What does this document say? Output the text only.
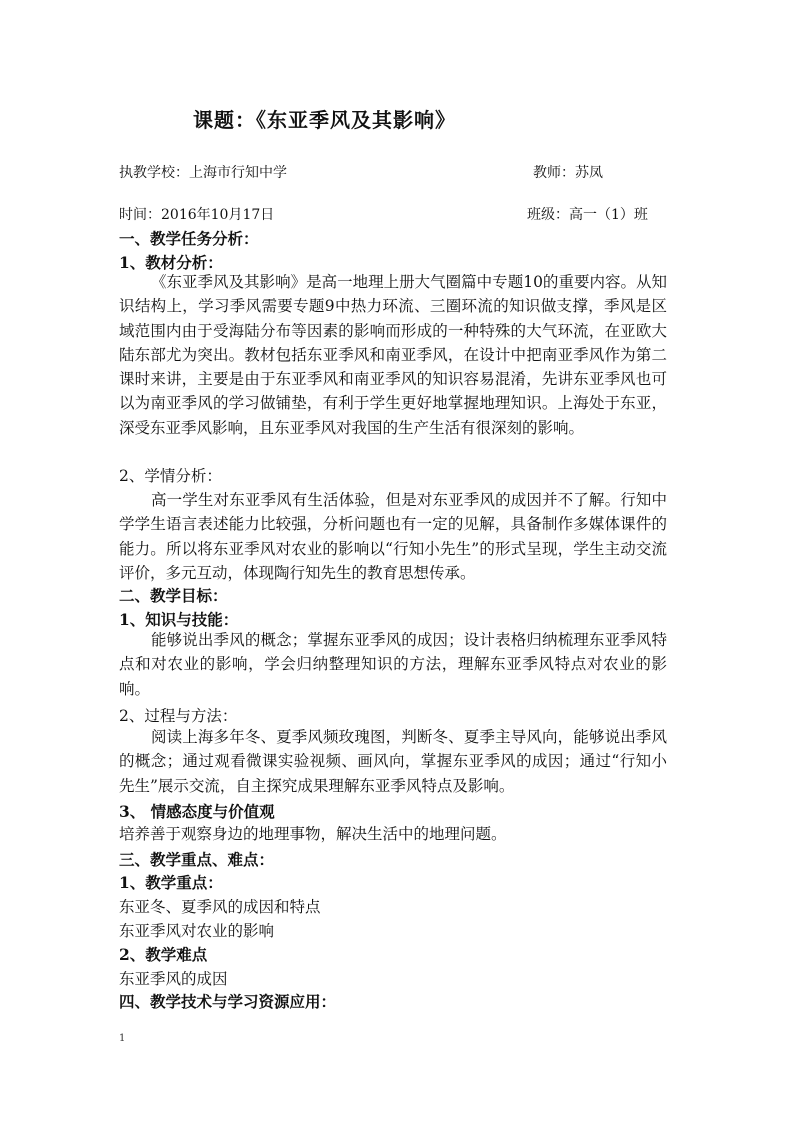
课题：《东亚季风及其影响》
执教学校：上海市行知中学	教师：苏凤
时间：2016年10月17日	班级：高一（1）班
一、教学任务分析：
1、教材分析：
《东亚季风及其影响》是高一地理上册大气圈篇中专题10的重要内容。从知识结构上，学习季风需要专题9中热力环流、三圈环流的知识做支撑，季风是区域范围内由于受海陆分布等因素的影响而形成的一种特殊的大气环流，在亚欧大陆东部尤为突出。教材包括东亚季风和南亚季风，在设计中把南亚季风作为第二课时来讲，主要是由于东亚季风和南亚季风的知识容易混淆，先讲东亚季风也可以为南亚季风的学习做铺垫，有利于学生更好地掌握地理知识。上海处于东亚，深受东亚季风影响，且东亚季风对我国的生产生活有很深刻的影响。
2、学情分析：
高一学生对东亚季风有生活体验，但是对东亚季风的成因并不了解。行知中学学生语言表述能力比较强，分析问题也有一定的见解，具备制作多媒体课件的能力。所以将东亚季风对农业的影响以“行知小先生”的形式呈现，学生主动交流评价，多元互动，体现陶行知先生的教育思想传承。
二、教学目标：
1、知识与技能：
能够说出季风的概念；掌握东亚季风的成因；设计表格归纳梳理东亚季风特点和对农业的影响，学会归纳整理知识的方法，理解东亚季风特点对农业的影响。
2、过程与方法：
阅读上海多年冬、夏季风频玫瑰图，判断冬、夏季主导风向，能够说出季风的概念；通过观看微课实验视频、画风向，掌握东亚季风的成因；通过“行知小先生”展示交流，自主探究成果理解东亚季风特点及影响。
3、 情感态度与价值观
培养善于观察身边的地理事物，解决生活中的地理问题。
三、教学重点、难点：
1、教学重点：
东亚冬、夏季风的成因和特点
东亚季风对农业的影响
2、教学难点
东亚季风的成因
四、教学技术与学习资源应用：
1
